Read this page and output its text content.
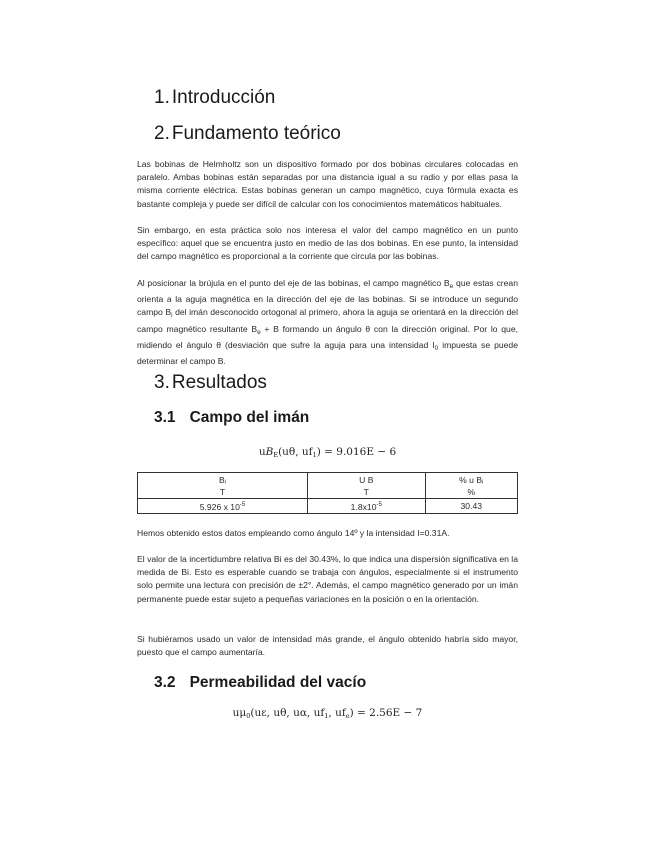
1. Introducción
2. Fundamento teórico

Las bobinas de Helmholtz son un dispositivo formado por dos bobinas circulares colocadas en paralelo. Ambas bobinas están separadas por una distancia igual a su radio y por ellas pasa la misma corriente eléctrica. Estas bobinas generan un campo magnético, cuya fórmula exacta es bastante compleja y puede ser difícil de calcular con los conocimientos matemáticos habituales.

Sin embargo, en esta práctica solo nos interesa el valor del campo magnético en un punto específico: aquel que se encuentra justo en medio de las dos bobinas. En ese punto, la intensidad del campo magnético es proporcional a la corriente que circula por las bobinas.

Al posicionar la brújula en el punto del eje de las bobinas, el campo magnético $B_e$ que estas crean orienta a la aguja magnética en la dirección del eje de las bobinas. Si se introduce un segundo campo $B_i$ del imán desconocido ortogonal al primero, ahora la aguja se orientará en la dirección del campo magnético resultante $B_e + B$ formando un ángulo θ con la dirección original. Por lo que, midiendo el ángulo θ (desviación que sufre la aguja para una intensidad $I_0$ impuesta se puede determinar el campo B.

3. Resultados
3.1 Campo del imán
$uB_E(u\theta$, $uf_1) = 9.016E - 6$
Bᵢ	U B	% u Bᵢ
T	T	%
5.926 x $10^{-5}$	$1.8x10^{-5}$	30.43

Hemos obtenido estos datos empleando como ángulo 14º y la intensidad I=0.31A.

El valor de la incertidumbre relativa Bi es del 30.43%, lo que indica una dispersión significativa en la medida de Bi. Esto es esperable cuando se trabaja con ángulos, especialmente si el instrumento solo permite una lectura con precisión de ±2°. Además, el campo magnético generado por un imán permanente puede estar sujeto a pequeñas variaciones en la posición o en la orientación.

Si hubiéramos usado un valor de intensidad más grande, el ángulo obtenido habría sido mayor, puesto que el campo aumentaría.

3.2 Permeabilidad del vacío
$u\mu_0(u\varepsilon$, uθ, uα, $uf_1$, $uf_e) = 2.56E - 7$
